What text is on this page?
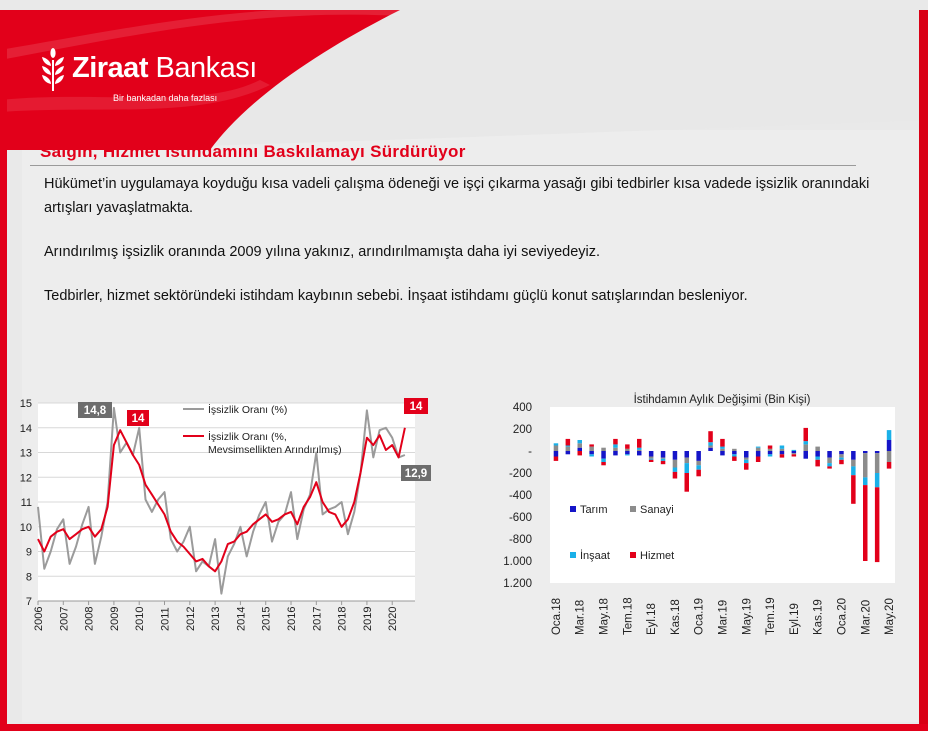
Ziraat Bankası
Bir bankadan daha fazlası
Salgın, Hizmet İstihdamını Baskılamayı Sürdürüyor
Hükümet’in uygulamaya koyduğu kısa vadeli çalışma ödeneği ve işçi çıkarma yasağı gibi tedbirler kısa vadede işsizlik oranındaki artışları yavaşlatmakta.
Arındırılmış işsizlik oranında 2009 yılına yakınız, arındırılmamışta daha iyi seviyedeyiz.
Tedbirler, hizmet sektöründeki istihdam kaybının sebebi. İnşaat istihdamı güçlü konut satışlarından besleniyor.
15
14
13
12
11
10
9
8
7
2006 2007 2008 2009 2010 2011 2012 2013 2014 2015 2016 2017 2018 2019 2020
İşsizlik Oranı (%)
İşsizlik Oranı (%,
Mevsimsellikten Arındırılmış)
14,8
14
14
12,9
İstihdamın Aylık Değişimi (Bin Kişi)
400
200
-
-200
-400
-600
-800
1.000
1.200
Oca.18 Mar.18 May.18 Tem.18 Eyl.18 Kas.18 Oca.19 Mar.19 May.19 Tem.19 Eyl.19 Kas.19 Oca.20 Mar.20 May.20
Tarım	Sanayi
İnşaat	Hizmet
